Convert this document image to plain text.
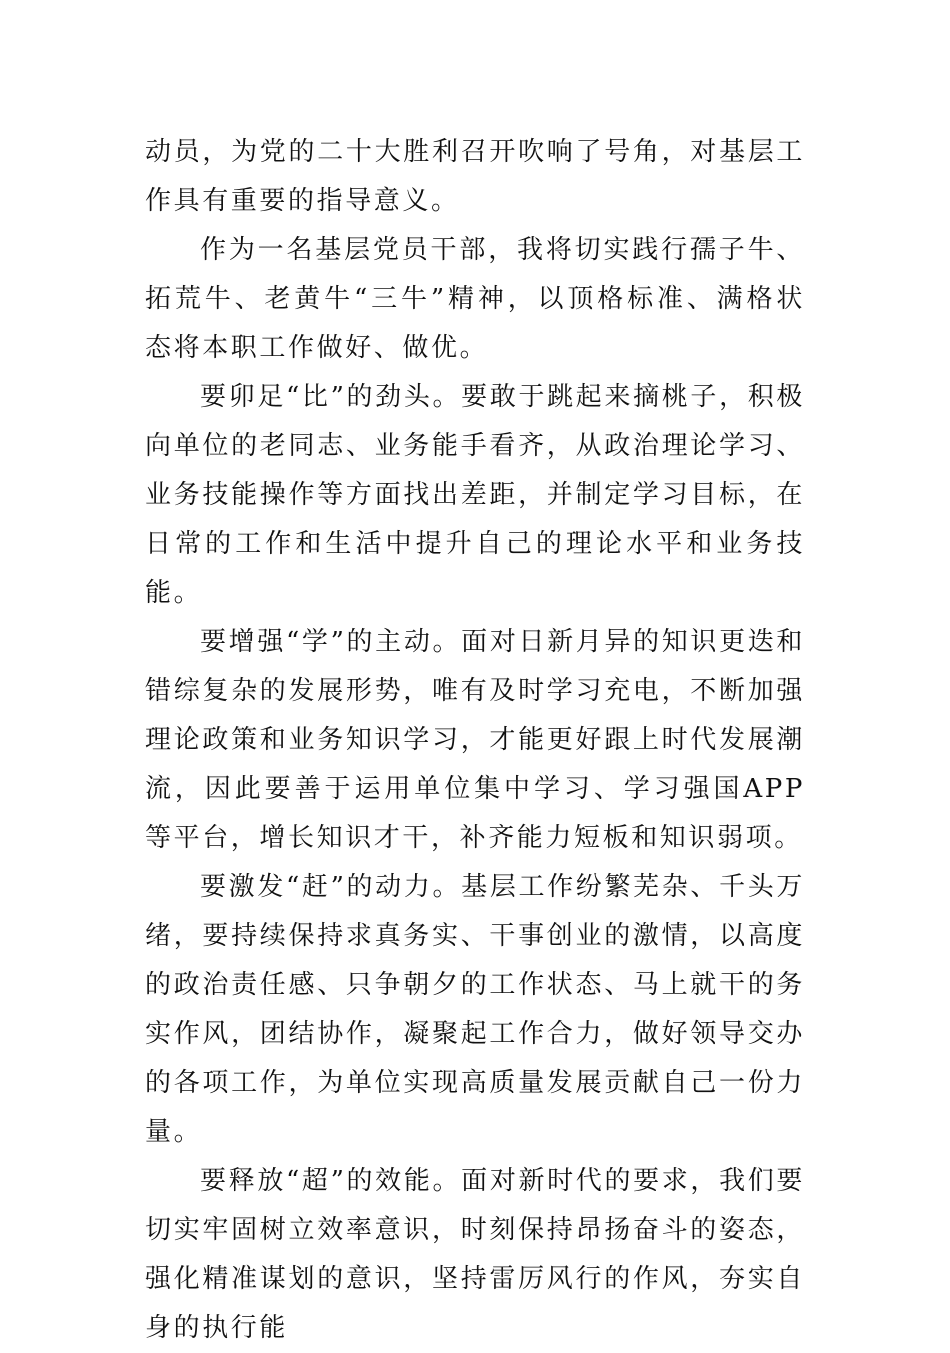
动员，为党的二十大胜利召开吹响了号角，对基层工作具有重要的指导意义。

作为一名基层党员干部，我将切实践行孺子牛、拓荒牛、老黄牛“三牛”精神，以顶格标准、满格状态将本职工作做好、做优。

要卯足“比”的劲头。要敢于跳起来摘桃子，积极向单位的老同志、业务能手看齐，从政治理论学习、业务技能操作等方面找出差距，并制定学习目标，在日常的工作和生活中提升自己的理论水平和业务技能。

要增强“学”的主动。面对日新月异的知识更迭和错综复杂的发展形势，唯有及时学习充电，不断加强理论政策和业务知识学习，才能更好跟上时代发展潮流，因此要善于运用单位集中学习、学习强国APP等平台，增长知识才干，补齐能力短板和知识弱项。

要激发“赶”的动力。基层工作纷繁芜杂、千头万绪，要持续保持求真务实、干事创业的激情，以高度的政治责任感、只争朝夕的工作状态、马上就干的务实作风，团结协作，凝聚起工作合力，做好领导交办的各项工作，为单位实现高质量发展贡献自己一份力量。

要释放“超”的效能。面对新时代的要求，我们要切实牢固树立效率意识，时刻保持昂扬奋斗的姿态，强化精准谋划的意识，坚持雷厉风行的作风，夯实自身的执行能
